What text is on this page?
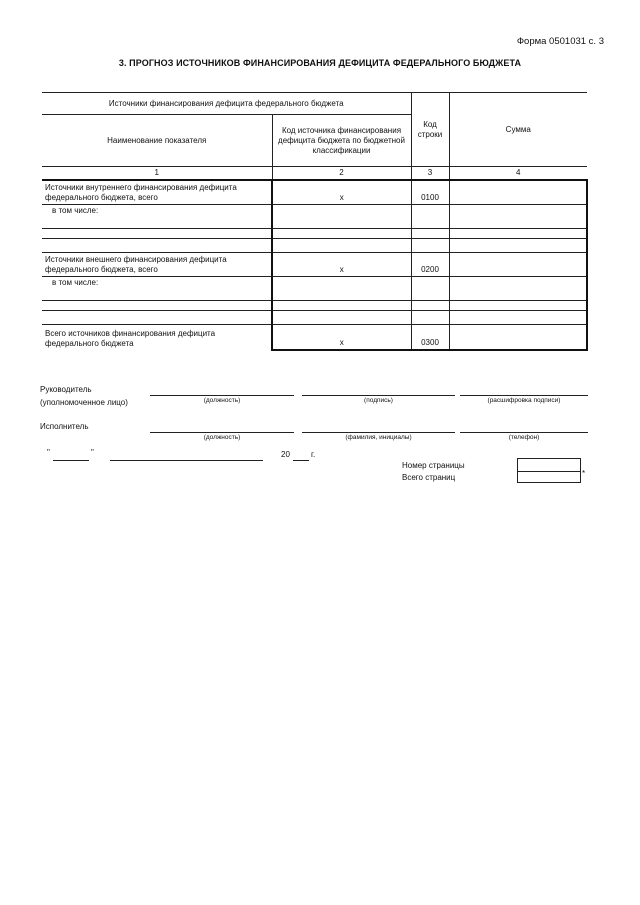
Форма 0501031 с. 3
3. ПРОГНОЗ ИСТОЧНИКОВ ФИНАНСИРОВАНИЯ ДЕФИЦИТА ФЕДЕРАЛЬНОГО БЮДЖЕТА
Источники финансирования дефицита федерального бюджета		Код строки	Сумма
Наименование показателя	Код источника финансирования дефицита бюджета по бюджетной классификации		
1	2	3	4
Источники внутреннего финансирования дефицита федерального бюджета, всего	x	0100	
в том числе:			

Источники внешнего финансирования дефицита федерального бюджета, всего	x	0200	
в том числе:			

Всего источников финансирования дефицита федерального бюджета	x	0300	
Руководитель
(уполномоченное лицо)	(должность)	(подпись)	(расшифровка подписи)
Исполнитель
(должность)	(фамилия, инициалы)	(телефон)
"	"	20	г.
Номер страницы
Всего страниц	*
